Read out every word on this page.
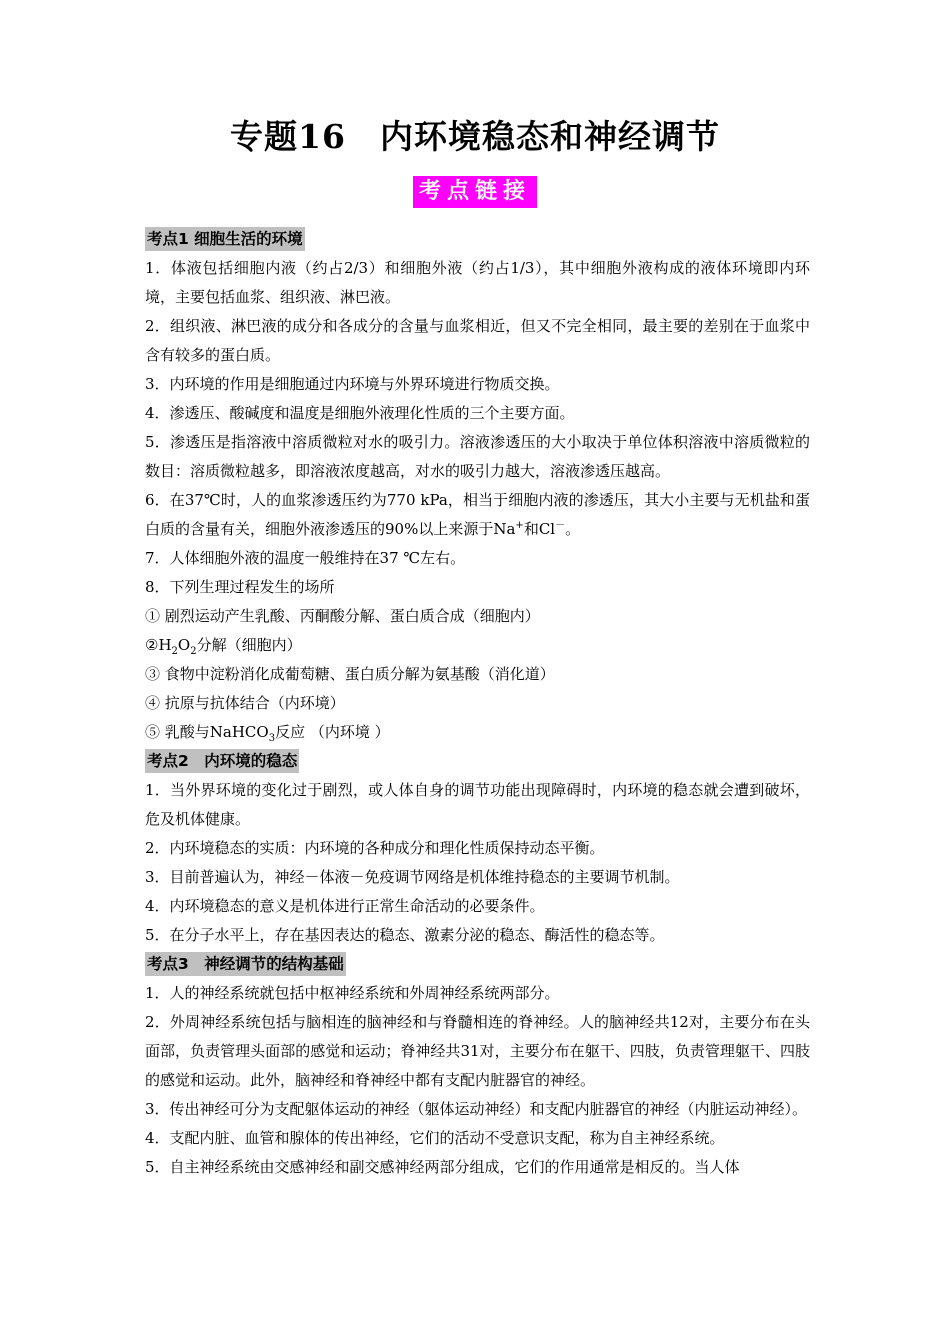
专题16　内环境稳态和神经调节
考点链接
考点1 细胞生活的环境

1．体液包括细胞内液（约占2/3）和细胞外液（约占1/3），其中细胞外液构成的液体环境即内环境，主要包括血浆、组织液、淋巴液。

2．组织液、淋巴液的成分和各成分的含量与血浆相近，但又不完全相同，最主要的差别在于血浆中含有较多的蛋白质。

3．内环境的作用是细胞通过内环境与外界环境进行物质交换。

4．渗透压、酸碱度和温度是细胞外液理化性质的三个主要方面。

5．渗透压是指溶液中溶质微粒对水的吸引力。溶液渗透压的大小取决于单位体积溶液中溶质微粒的数目：溶质微粒越多，即溶液浓度越高，对水的吸引力越大，溶液渗透压越高。

6．在37℃时，人的血浆渗透压约为770 kPa，相当于细胞内液的渗透压，其大小主要与无机盐和蛋白质的含量有关，细胞外液渗透压的90%以上来源于Na+和Cl－。

7．人体细胞外液的温度一般维持在37 ℃左右。

8．下列生理过程发生的场所

① 剧烈运动产生乳酸、丙酮酸分解、蛋白质合成（细胞内）

$②H_2O_2$分解（细胞内）

③ 食物中淀粉消化成葡萄糖、蛋白质分解为氨基酸（消化道）

④ 抗原与抗体结合（内环境）

⑤ 乳酸与NaHCO$_3$反应 （内环境 ）

考点2　内环境的稳态

1．当外界环境的变化过于剧烈，或人体自身的调节功能出现障碍时，内环境的稳态就会遭到破坏，危及机体健康。

2．内环境稳态的实质：内环境的各种成分和理化性质保持动态平衡。

3．目前普遍认为，神经－体液－免疫调节网络是机体维持稳态的主要调节机制。

4．内环境稳态的意义是机体进行正常生命活动的必要条件。

5．在分子水平上，存在基因表达的稳态、激素分泌的稳态、酶活性的稳态等。

考点3　神经调节的结构基础

1．人的神经系统就包括中枢神经系统和外周神经系统两部分。

2．外周神经系统包括与脑相连的脑神经和与脊髓相连的脊神经。人的脑神经共12对，主要分布在头面部，负责管理头面部的感觉和运动；脊神经共31对，主要分布在躯干、四肢，负责管理躯干、四肢的感觉和运动。此外，脑神经和脊神经中都有支配内脏器官的神经。

3．传出神经可分为支配躯体运动的神经（躯体运动神经）和支配内脏器官的神经（内脏运动神经）。

4．支配内脏、血管和腺体的传出神经，它们的活动不受意识支配，称为自主神经系统。

5．自主神经系统由交感神经和副交感神经两部分组成，它们的作用通常是相反的。当人体
